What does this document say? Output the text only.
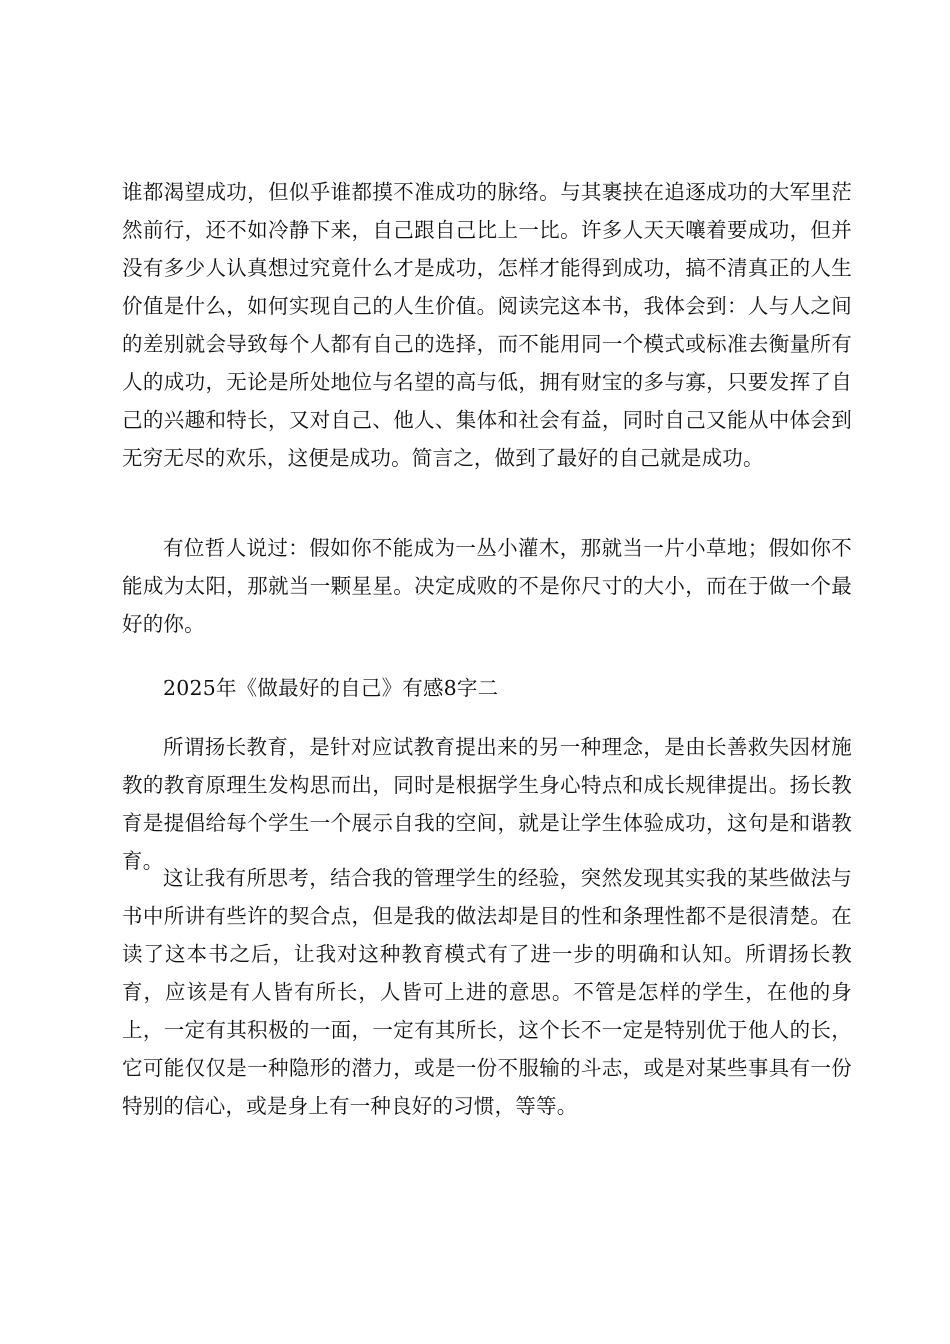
谁都渴望成功，但似乎谁都摸不准成功的脉络。与其裹挟在追逐成功的大军里茫然前行，还不如冷静下来，自己跟自己比上一比。许多人天天嚷着要成功，但并没有多少人认真想过究竟什么才是成功，怎样才能得到成功，搞不清真正的人生价值是什么，如何实现自己的人生价值。阅读完这本书，我体会到：人与人之间的差别就会导致每个人都有自己的选择，而不能用同一个模式或标准去衡量所有人的成功，无论是所处地位与名望的高与低，拥有财宝的多与寡，只要发挥了自己的兴趣和特长，又对自己、他人、集体和社会有益，同时自己又能从中体会到无穷无尽的欢乐，这便是成功。简言之，做到了最好的自己就是成功。

有位哲人说过：假如你不能成为一丛小灌木，那就当一片小草地；假如你不能成为太阳，那就当一颗星星。决定成败的不是你尺寸的大小，而在于做一个最好的你。

2025年《做最好的自己》有感8字二

所谓扬长教育，是针对应试教育提出来的另一种理念，是由长善救失因材施教的教育原理生发构思而出，同时是根据学生身心特点和成长规律提出。扬长教育是提倡给每个学生一个展示自我的空间，就是让学生体验成功，这句是和谐教育。

这让我有所思考，结合我的管理学生的经验，突然发现其实我的某些做法与书中所讲有些许的契合点，但是我的做法却是目的性和条理性都不是很清楚。在读了这本书之后，让我对这种教育模式有了进一步的明确和认知。所谓扬长教育，应该是有人皆有所长，人皆可上进的意思。不管是怎样的学生，在他的身上，一定有其积极的一面，一定有其所长，这个长不一定是特别优于他人的长，它可能仅仅是一种隐形的潜力，或是一份不服输的斗志，或是对某些事具有一份特别的信心，或是身上有一种良好的习惯，等等。
